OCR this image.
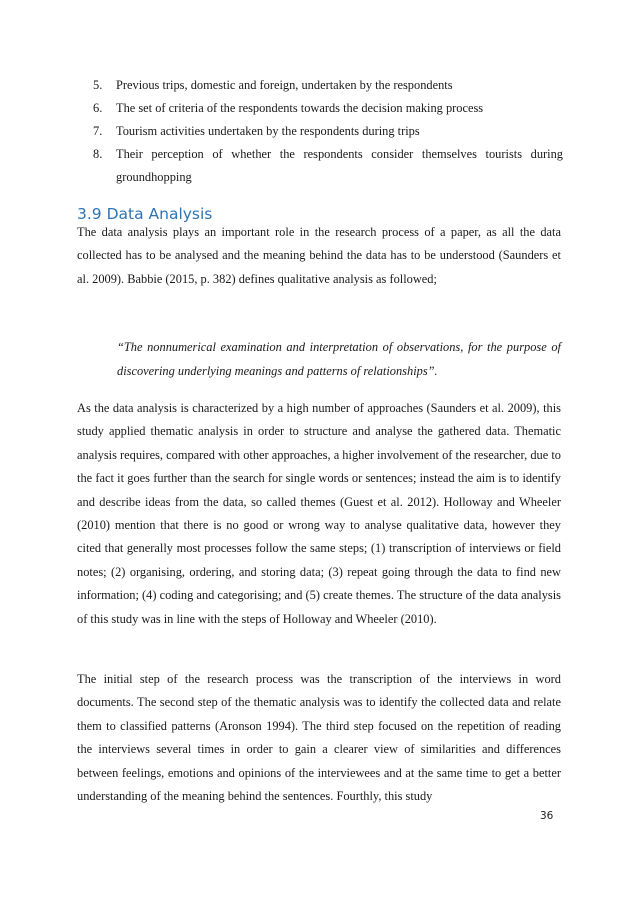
5. Previous trips, domestic and foreign, undertaken by the respondents
6. The set of criteria of the respondents towards the decision making process
7. Tourism activities undertaken by the respondents during trips
8. Their perception of whether the respondents consider themselves tourists during groundhopping
3.9 Data Analysis

The data analysis plays an important role in the research process of a paper, as all the data collected has to be analysed and the meaning behind the data has to be understood (Saunders et al. 2009). Babbie (2015, p. 382) defines qualitative analysis as followed;

“The nonnumerical examination and interpretation of observations, for the purpose of discovering underlying meanings and patterns of relationships”.

As the data analysis is characterized by a high number of approaches (Saunders et al. 2009), this study applied thematic analysis in order to structure and analyse the gathered data. Thematic analysis requires, compared with other approaches, a higher involvement of the researcher, due to the fact it goes further than the search for single words or sentences; instead the aim is to identify and describe ideas from the data, so called themes (Guest et al. 2012). Holloway and Wheeler (2010) mention that there is no good or wrong way to analyse qualitative data, however they cited that generally most processes follow the same steps; (1) transcription of interviews or field notes; (2) organising, ordering, and storing data; (3) repeat going through the data to find new information; (4) coding and categorising; and (5) create themes. The structure of the data analysis of this study was in line with the steps of Holloway and Wheeler (2010).

The initial step of the research process was the transcription of the interviews in word documents. The second step of the thematic analysis was to identify the collected data and relate them to classified patterns (Aronson 1994). The third step focused on the repetition of reading the interviews several times in order to gain a clearer view of similarities and differences between feelings, emotions and opinions of the interviewees and at the same time to get a better understanding of the meaning behind the sentences. Fourthly, this study

36
